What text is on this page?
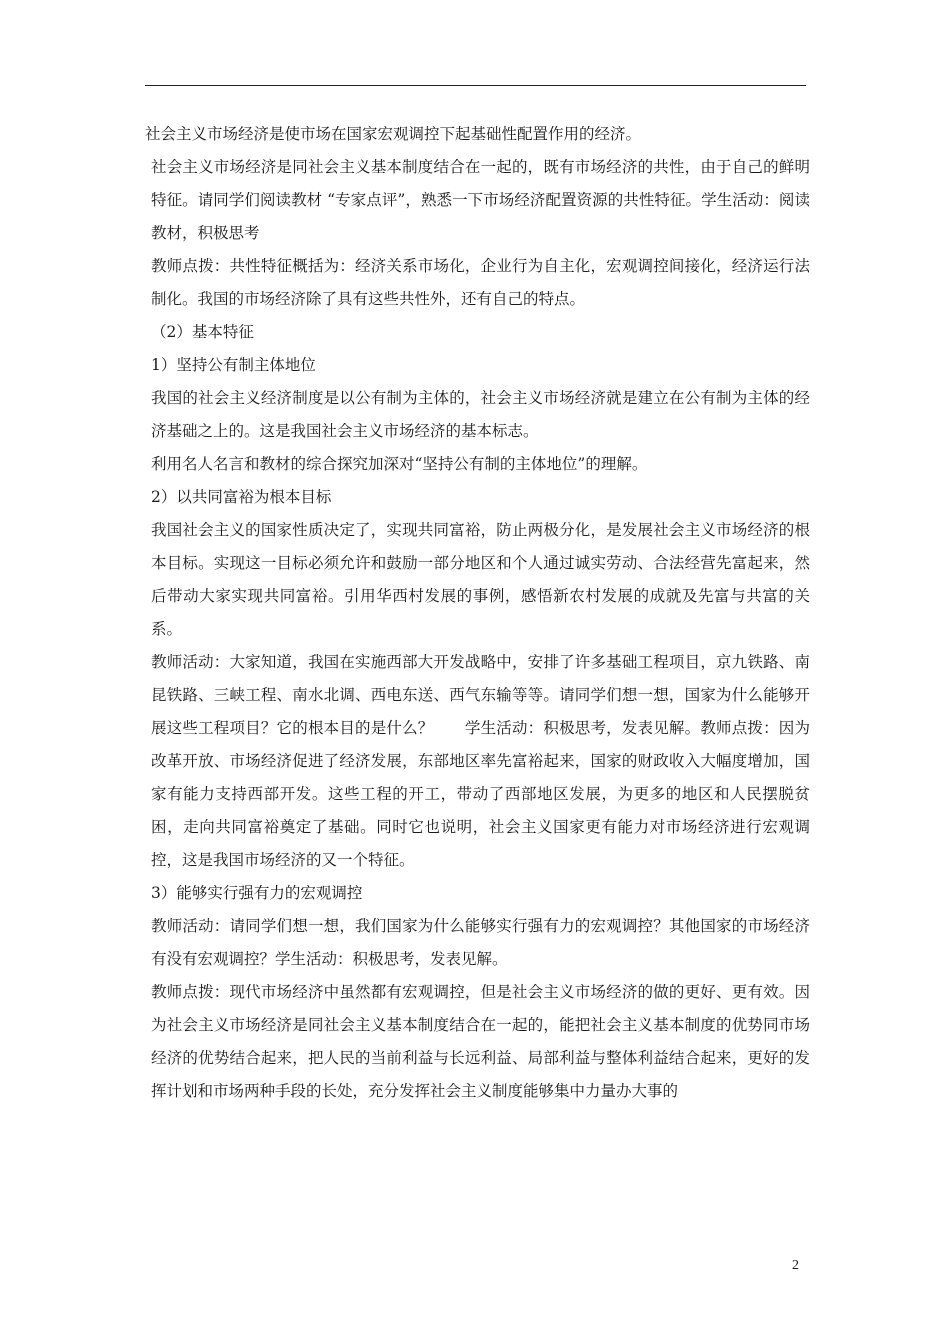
社会主义市场经济是使市场在国家宏观调控下起基础性配置作用的经济。

社会主义市场经济是同社会主义基本制度结合在一起的，既有市场经济的共性，由于自己的鲜明特征。请同学们阅读教材 “专家点评”，熟悉一下市场经济配置资源的共性特征。学生活动：阅读教材，积极思考

教师点拨：共性特征概括为：经济关系市场化，企业行为自主化，宏观调控间接化，经济运行法制化。我国的市场经济除了具有这些共性外，还有自己的特点。

（2）基本特征

1）坚持公有制主体地位

我国的社会主义经济制度是以公有制为主体的，社会主义市场经济就是建立在公有制为主体的经济基础之上的。这是我国社会主义市场经济的基本标志。

利用名人名言和教材的综合探究加深对“坚持公有制的主体地位”的理解。

2）以共同富裕为根本目标

我国社会主义的国家性质决定了，实现共同富裕，防止两极分化，是发展社会主义市场经济的根本目标。实现这一目标必须允许和鼓励一部分地区和个人通过诚实劳动、合法经营先富起来，然后带动大家实现共同富裕。引用华西村发展的事例，感悟新农村发展的成就及先富与共富的关系。

教师活动：大家知道，我国在实施西部大开发战略中，安排了许多基础工程项目，京九铁路、南昆铁路、三峡工程、南水北调、西电东送、西气东输等等。请同学们想一想，国家为什么能够开展这些工程项目？它的根本目的是什么？　　学生活动：积极思考，发表见解。教师点拨：因为改革开放、市场经济促进了经济发展，东部地区率先富裕起来，国家的财政收入大幅度增加，国家有能力支持西部开发。这些工程的开工，带动了西部地区发展，为更多的地区和人民摆脱贫困，走向共同富裕奠定了基础。同时它也说明，社会主义国家更有能力对市场经济进行宏观调控，这是我国市场经济的又一个特征。

3）能够实行强有力的宏观调控

教师活动：请同学们想一想，我们国家为什么能够实行强有力的宏观调控？其他国家的市场经济有没有宏观调控？学生活动：积极思考，发表见解。

教师点拨：现代市场经济中虽然都有宏观调控，但是社会主义市场经济的做的更好、更有效。因为社会主义市场经济是同社会主义基本制度结合在一起的，能把社会主义基本制度的优势同市场经济的优势结合起来，把人民的当前利益与长远利益、局部利益与整体利益结合起来，更好的发挥计划和市场两种手段的长处，充分发挥社会主义制度能够集中力量办大事的

2
